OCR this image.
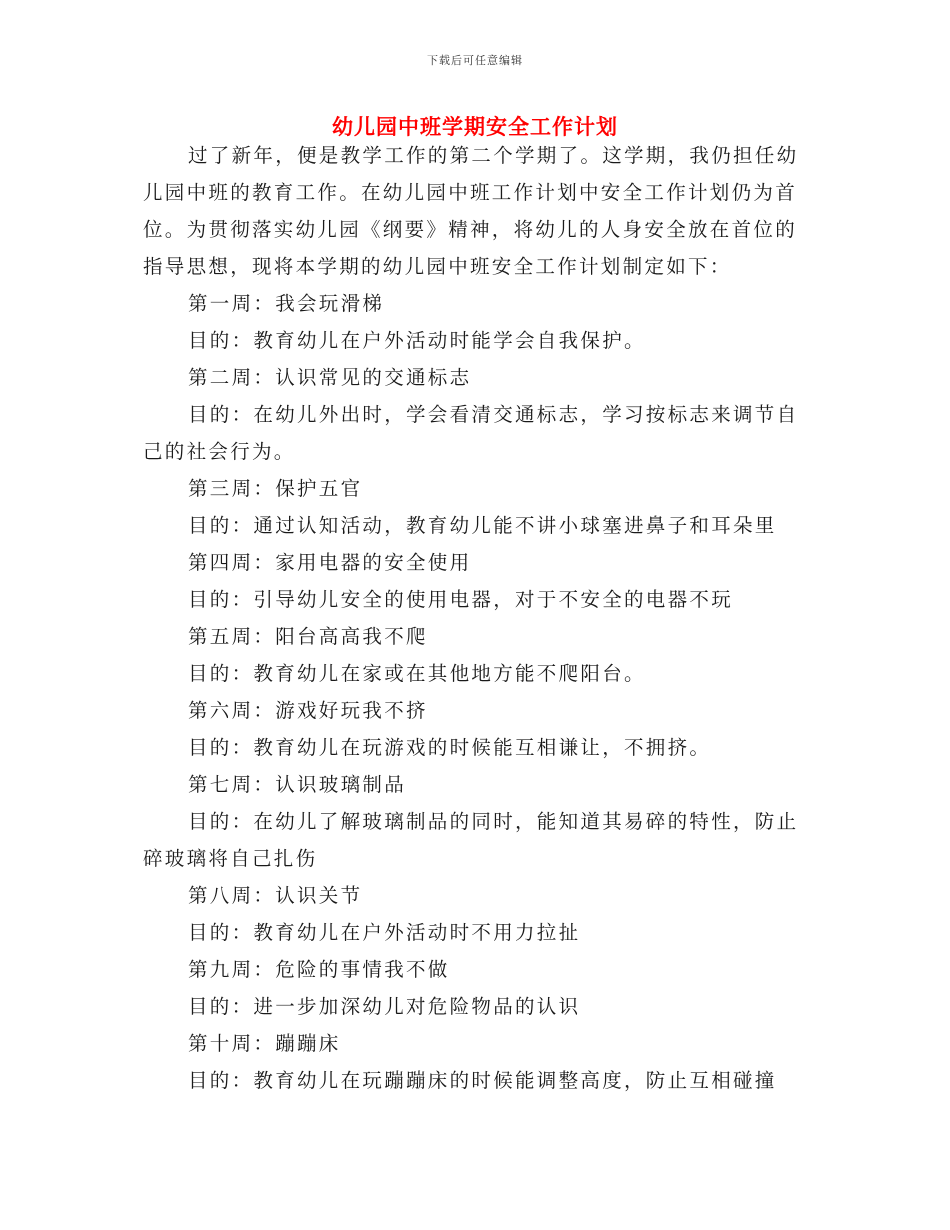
下载后可任意编辑
幼儿园中班学期安全工作计划
过了新年，便是教学工作的第二个学期了。这学期，我仍担任幼
儿园中班的教育工作。在幼儿园中班工作计划中安全工作计划仍为首
位。为贯彻落实幼儿园《纲要》精神，将幼儿的人身安全放在首位的
指导思想，现将本学期的幼儿园中班安全工作计划制定如下：
第一周：我会玩滑梯
目的：教育幼儿在户外活动时能学会自我保护。
第二周：认识常见的交通标志
目的：在幼儿外出时，学会看清交通标志，学习按标志来调节自
己的社会行为。
第三周：保护五官
目的：通过认知活动，教育幼儿能不讲小球塞进鼻子和耳朵里
第四周：家用电器的安全使用
目的：引导幼儿安全的使用电器，对于不安全的电器不玩
第五周：阳台高高我不爬
目的：教育幼儿在家或在其他地方能不爬阳台。
第六周：游戏好玩我不挤
目的：教育幼儿在玩游戏的时候能互相谦让，不拥挤。
第七周：认识玻璃制品
目的：在幼儿了解玻璃制品的同时，能知道其易碎的特性，防止
碎玻璃将自己扎伤
第八周：认识关节
目的：教育幼儿在户外活动时不用力拉扯
第九周：危险的事情我不做
目的：进一步加深幼儿对危险物品的认识
第十周：蹦蹦床
目的：教育幼儿在玩蹦蹦床的时候能调整高度，防止互相碰撞
